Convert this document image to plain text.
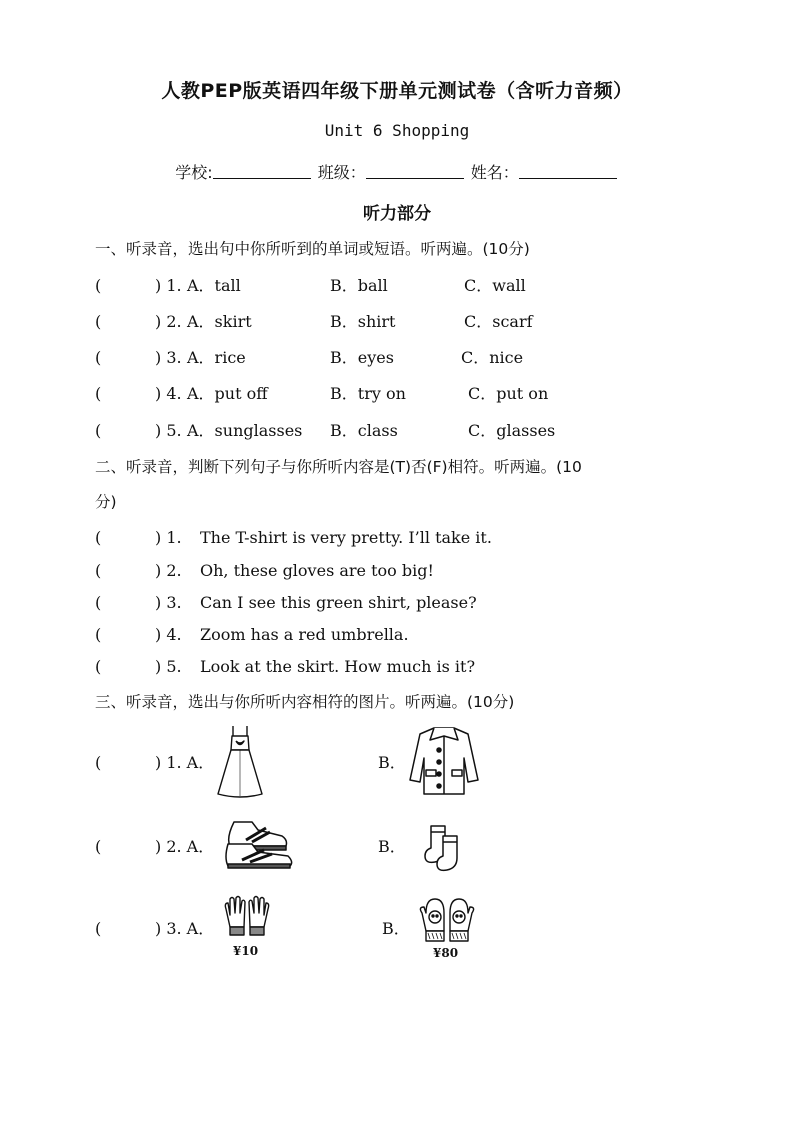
人教PEP版英语四年级下册单元测试卷（含听力音频）
Unit 6 Shopping
学校:	班级：	姓名：
听力部分
一、听录音，选出句中你所听到的单词或短语。听两遍。(10分)
(	) 1. A．tall	B．ball	C．wall
(	) 2. A．skirt	B．shirt	C．scarf
(	) 3. A．rice	B．eyes	C．nice
(	) 4. A．put off	B．try on	C．put on
(	) 5. A．sunglasses B．class	C．glasses
二、听录音，判断下列句子与你所听内容是(T)否(F)相符。听两遍。(10
分)
(	) 1. The T-shirt is very pretty. I’ll take it.
(	) 2. Oh, these gloves are too big!
(	) 3. Can I see this green shirt, please?
(	) 4. Zoom has a red umbrella.
(	) 5. Look at the skirt. How much is it?
三、听录音，选出与你所听内容相符的图片。听两遍。(10分)
(	) 1. A．	B．
(	) 2. A．	B．
(	) 3. A．	B．
¥10	¥80
